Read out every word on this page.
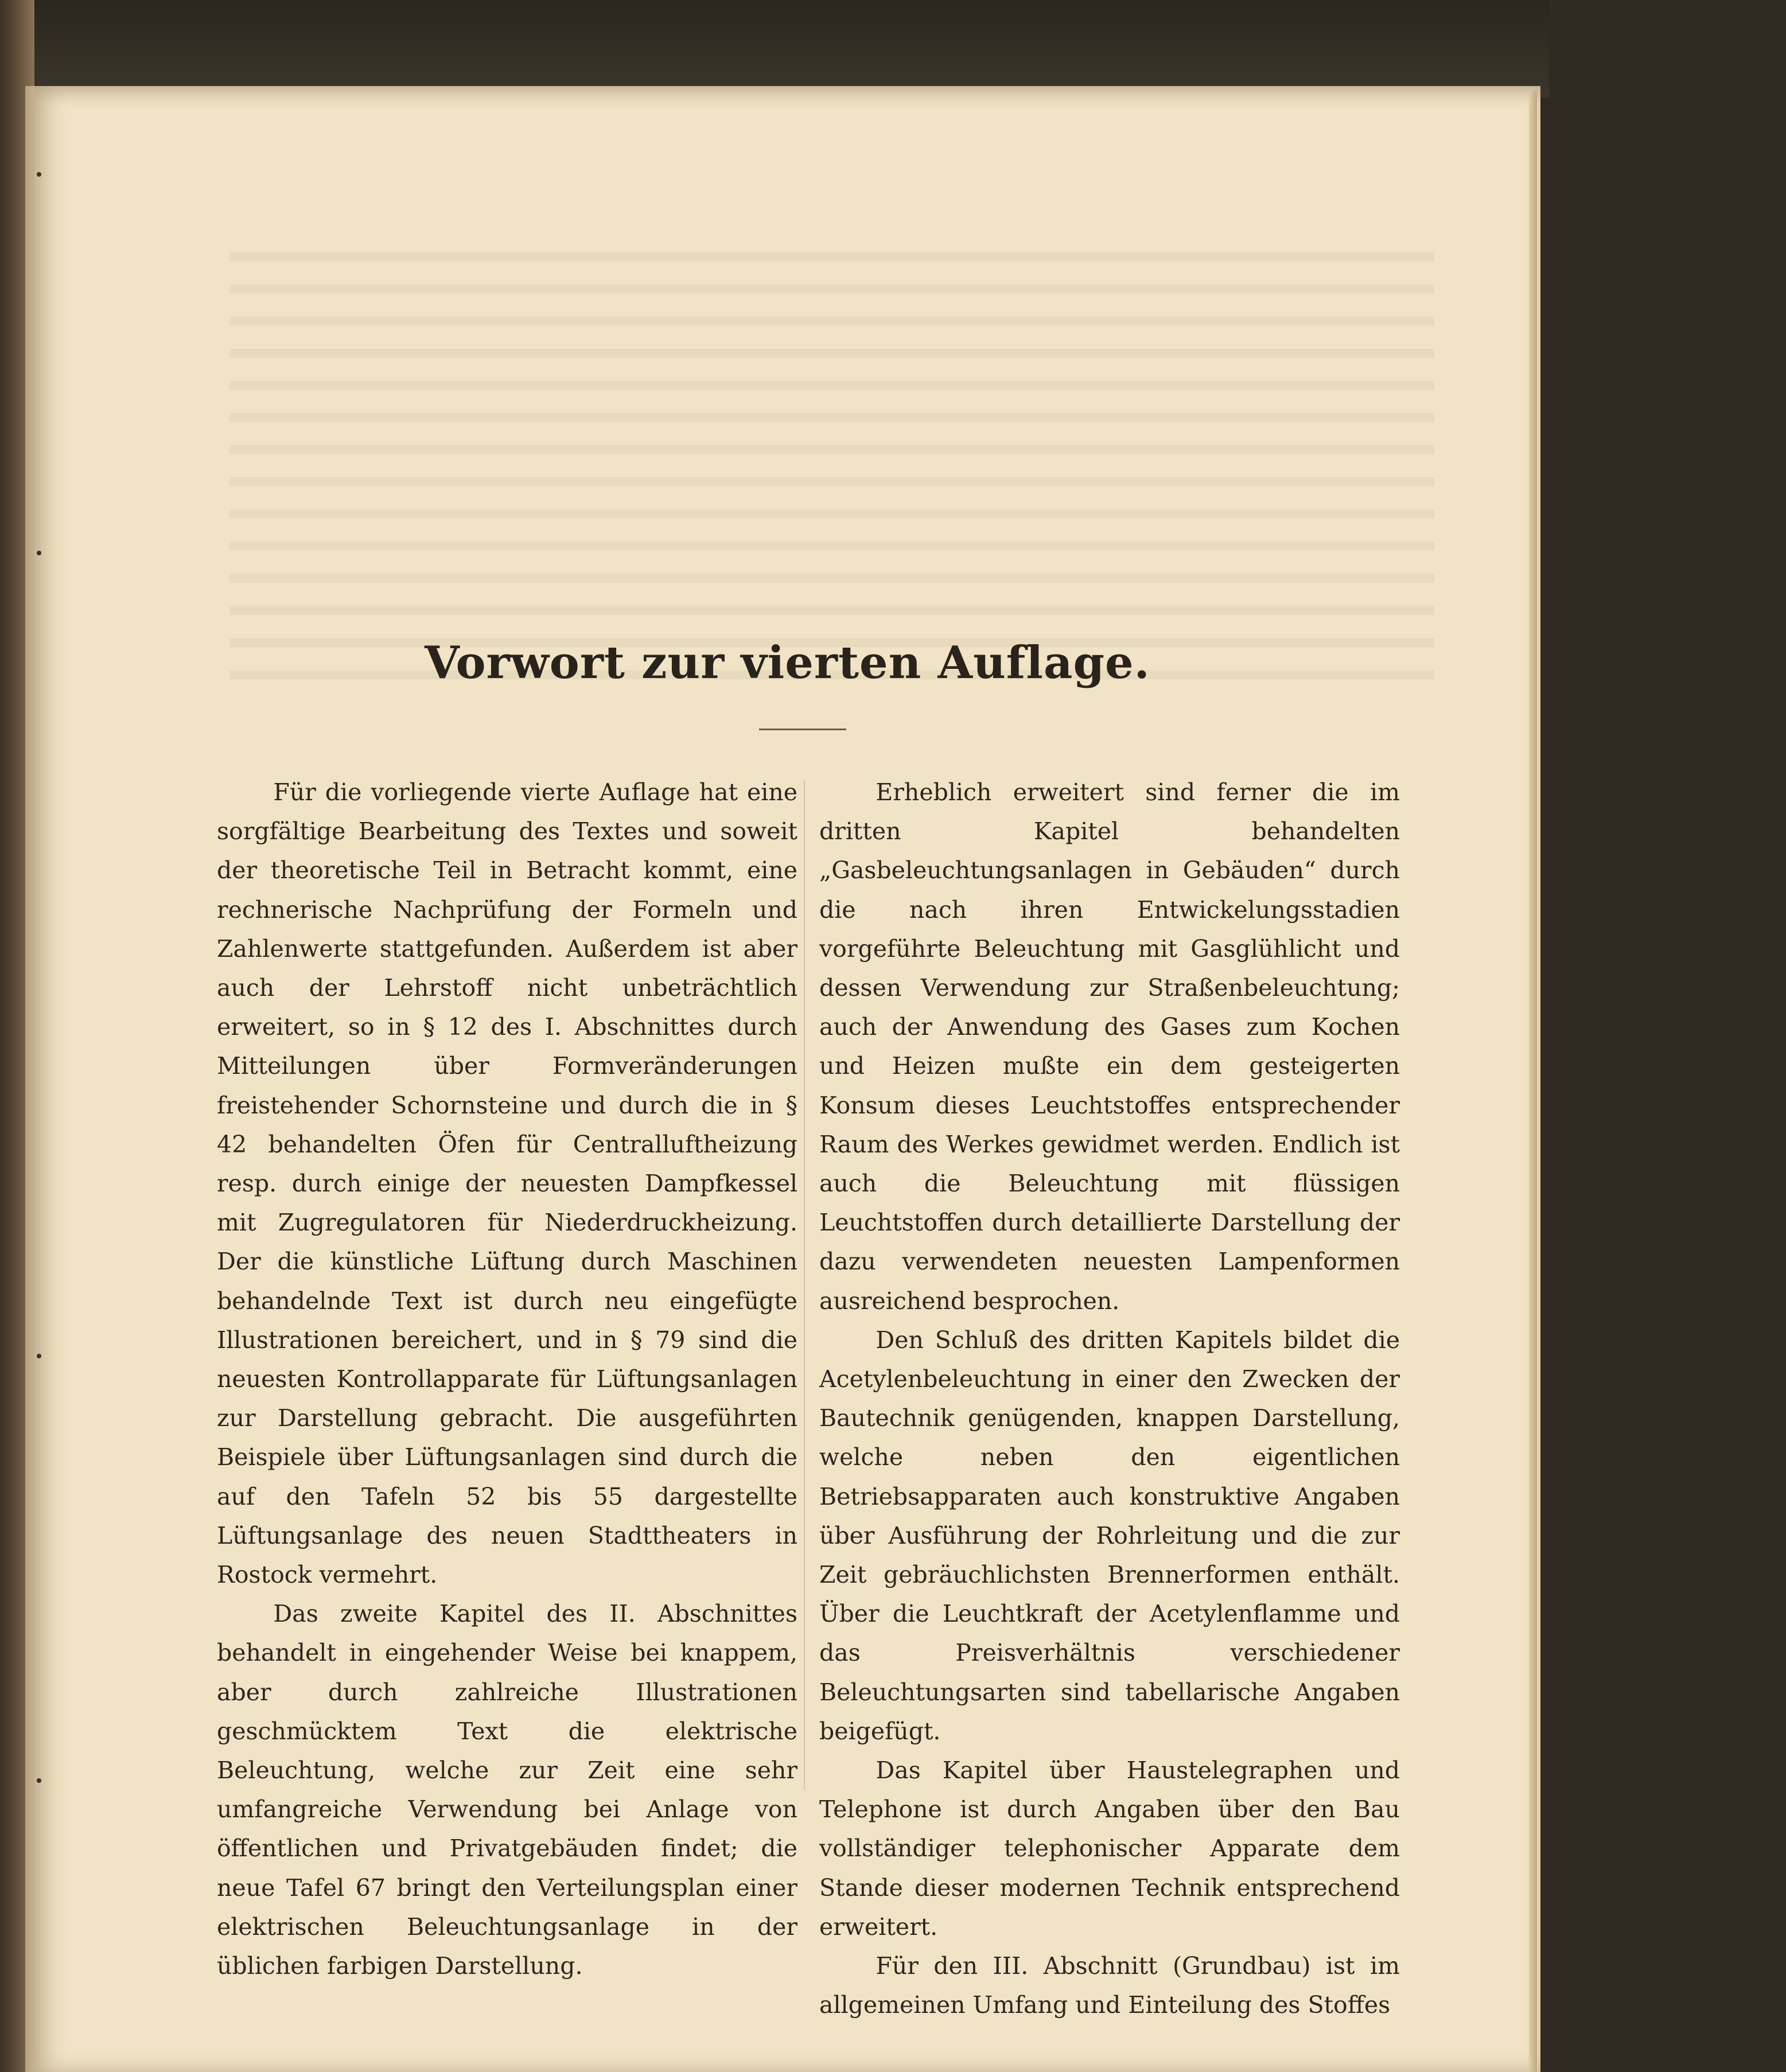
Vorwort zur vierten Auflage.

Für die vorliegende vierte Auflage hat eine sorgfältige Bearbeitung des Textes und soweit der theoretische Teil in Betracht kommt, eine rechnerische Nachprüfung der Formeln und Zahlenwerte stattgefunden. Außerdem ist aber auch der Lehrstoff nicht unbeträchtlich erweitert, so in § 12 des I. Abschnittes durch Mitteilungen über Formveränderungen freistehender Schornsteine und durch die in § 42 behandelten Öfen für Centralluftheizung resp. durch einige der neuesten Dampfkessel mit Zugregulatoren für Niederdruckheizung. Der die künstliche Lüftung durch Maschinen behandelnde Text ist durch neu eingefügte Illustrationen bereichert, und in § 79 sind die neuesten Kontrollapparate für Lüftungsanlagen zur Darstellung gebracht. Die ausgeführten Beispiele über Lüftungsanlagen sind durch die auf den Tafeln 52 bis 55 dargestellte Lüftungsanlage des neuen Stadttheaters in Rostock vermehrt.

Das zweite Kapitel des II. Abschnittes behandelt in eingehender Weise bei knappem, aber durch zahlreiche Illustrationen geschmücktem Text die elektrische Beleuchtung, welche zur Zeit eine sehr umfangreiche Verwendung bei Anlage von öffentlichen und Privatgebäuden findet; die neue Tafel 67 bringt den Verteilungsplan einer elektrischen Beleuchtungsanlage in der üblichen farbigen Darstellung.

Erheblich erweitert sind ferner die im dritten Kapitel behandelten „Gasbeleuchtungsanlagen in Gebäuden“ durch die nach ihren Entwickelungsstadien vorgeführte Beleuchtung mit Gasglühlicht und dessen Verwendung zur Straßenbeleuchtung; auch der Anwendung des Gases zum Kochen und Heizen mußte ein dem gesteigerten Konsum dieses Leuchtstoffes entsprechender Raum des Werkes gewidmet werden. Endlich ist auch die Beleuchtung mit flüssigen Leuchtstoffen durch detaillierte Darstellung der dazu verwendeten neuesten Lampenformen ausreichend besprochen.

Den Schluß des dritten Kapitels bildet die Acetylenbeleuchtung in einer den Zwecken der Bautechnik genügenden, knappen Darstellung, welche neben den eigentlichen Betriebsapparaten auch konstruktive Angaben über Ausführung der Rohrleitung und die zur Zeit gebräuchlichsten Brennerformen enthält. Über die Leuchtkraft der Acetylenflamme und das Preisverhältnis verschiedener Beleuchtungsarten sind tabellarische Angaben beigefügt.

Das Kapitel über Haustelegraphen und Telephone ist durch Angaben über den Bau vollständiger telephonischer Apparate dem Stande dieser modernen Technik entsprechend erweitert.

Für den III. Abschnitt (Grundbau) ist im allgemeinen Umfang und Einteilung des Stoffes
